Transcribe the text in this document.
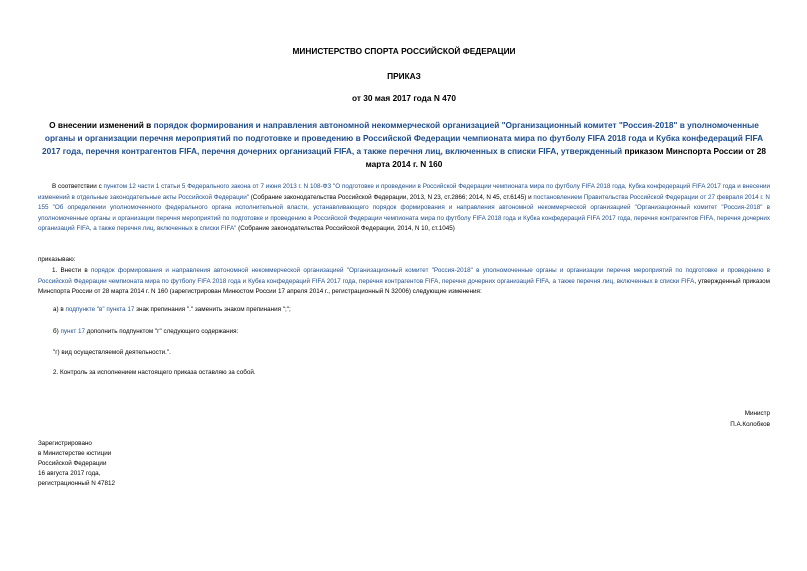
МИНИСТЕРСТВО СПОРТА РОССИЙСКОЙ ФЕДЕРАЦИИ
ПРИКАЗ
от 30 мая 2017 года N 470
О внесении изменений в порядок формирования и направления автономной некоммерческой организацией "Организационный комитет "Россия-2018" в уполномоченные органы и организации перечня мероприятий по подготовке и проведению в Российской Федерации чемпионата мира по футболу FIFA 2018 года и Кубка конфедераций FIFA 2017 года, перечня контрагентов FIFA, перечня дочерних организаций FIFA, а также перечня лиц, включенных в списки FIFA, утвержденный приказом Минспорта России от 28 марта 2014 г. N 160
В соответствии с пунктом 12 части 1 статьи 5 Федерального закона от 7 июня 2013 г. N 108-ФЗ "О подготовке и проведении в Российской Федерации чемпионата мира по футболу FIFA 2018 года, Кубка конфедераций FIFA 2017 года и внесении изменений в отдельные законодательные акты Российской Федерации" (Собрание законодательства Российской Федерации, 2013, N 23, ст.2866; 2014, N 45, ст.6145) и постановлением Правительства Российской Федерации от 27 февраля 2014 г. N 155 "Об определении уполномоченного федерального органа исполнительной власти, устанавливающего порядок формирования и направления автономной некоммерческой организацией "Организационный комитет "Россия-2018" в уполномоченные органы и организации перечня мероприятий по подготовке и проведению в Российской Федерации чемпионата мира по футболу FIFA 2018 года и Кубка конфедераций FIFA 2017 года, перечня контрагентов FIFA, перечня дочерних организаций FIFA, а также перечня лиц, включенных в списки FIFA" (Собрание законодательства Российской Федерации, 2014, N 10, ст.1045)
приказываю:
1. Внести в порядок формирования и направления автономной некоммерческой организацией "Организационный комитет "Россия-2018" в уполномоченные органы и организации перечня мероприятий по подготовке и проведению в Российской Федерации чемпионата мира по футболу FIFA 2018 года и Кубка конфедераций FIFA 2017 года, перечня контрагентов FIFA, перечня дочерних организаций FIFA, а также перечня лиц, включенных в списки FIFA, утвержденный приказом Минспорта России от 28 марта 2014 г. N 160 (зарегистрирован Минюстом России 17 апреля 2014 г., регистрационный N 32006) следующие изменения:
а) в подпункте "в" пункта 17 знак препинания "." заменить знаком препинания ";";
б) пункт 17 дополнить подпунктом "г" следующего содержания:
"г) вид осуществляемой деятельности.".
2. Контроль за исполнением настоящего приказа оставляю за собой.
Министр
П.А.Колобков
Зарегистрировано
в Министерстве юстиции
Российской Федерации
16 августа 2017 года,
регистрационный N 47812
